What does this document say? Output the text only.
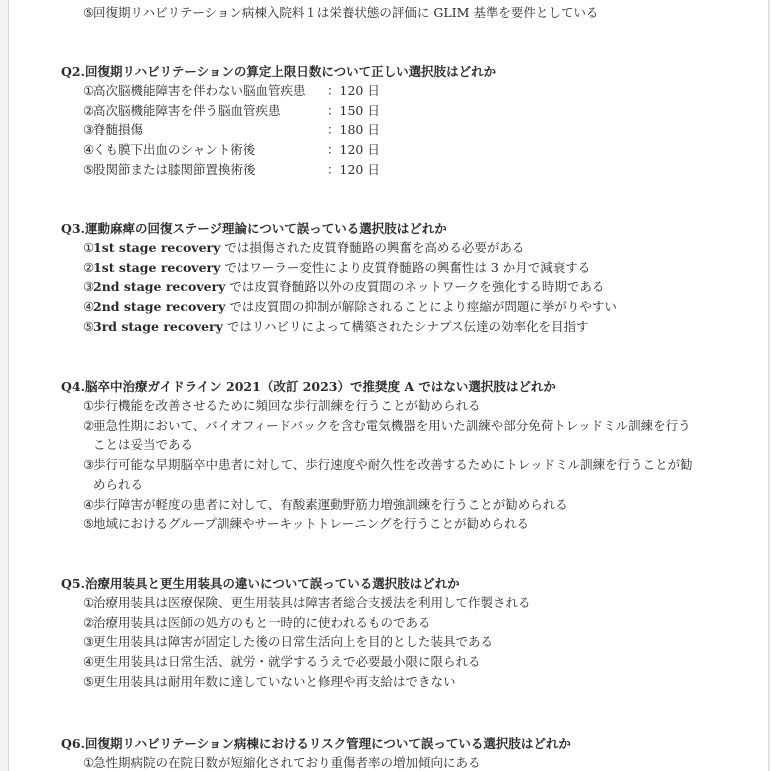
⑤
回復期リハビリテーション病棟入院料１は栄養状態の評価に GLIM 基準を要件としている
Q2.回復期リハビリテーションの算定上限日数について正しい選択肢はどれか
①
高次脳機能障害を伴わない脳血管疾患 ：120 日
②
高次脳機能障害を伴う脳血管疾患	：150 日
③
脊髄損傷	：180 日
④
くも膜下出血のシャント術後	：120 日
⑤
股関節または膝関節置換術後	：120 日
Q3.運動麻痺の回復ステージ理論について誤っている選択肢はどれか
①
1st stage recovery では損傷された皮質脊髄路の興奮を高める必要がある
②
1st stage recovery ではワーラー変性により皮質脊髄路の興奮性は 3 か月で減衰する
③
2nd stage recovery では皮質脊髄路以外の皮質間のネットワークを強化する時期である
④
2nd stage recovery では皮質間の抑制が解除されることにより痙縮が問題に挙がりやすい
⑤
3rd stage recovery ではリハビリによって構築されたシナプス伝達の効率化を目指す
Q4.脳卒中治療ガイドライン 2021（改訂 2023）で推奨度 A ではない選択肢はどれか
①
歩行機能を改善させるために頻回な歩行訓練を行うことが勧められる
②
亜急性期において、バイオフィードバックを含む電気機器を用いた訓練や部分免荷トレッドミル訓練を行うことは妥当である
③
歩行可能な早期脳卒中患者に対して、歩行速度や耐久性を改善するためにトレッドミル訓練を行うことが勧められる
④
歩行障害が軽度の患者に対して、有酸素運動野筋力増強訓練を行うことが勧められる
⑤
地域におけるグループ訓練やサーキットトレーニングを行うことが勧められる
Q5.治療用装具と更生用装具の違いについて誤っている選択肢はどれか
①
治療用装具は医療保険、更生用装具は障害者総合支援法を利用して作製される
②
治療用装具は医師の処方のもと一時的に使われるものである
③
更生用装具は障害が固定した後の日常生活向上を目的とした装具である
④
更生用装具は日常生活、就労・就学するうえで必要最小限に限られる
⑤
更生用装具は耐用年数に達していないと修理や再支給はできない
Q6.回復期リハビリテーション病棟におけるリスク管理について誤っている選択肢はどれか
①
急性期病院の在院日数が短縮化されており重傷者率の増加傾向にある
